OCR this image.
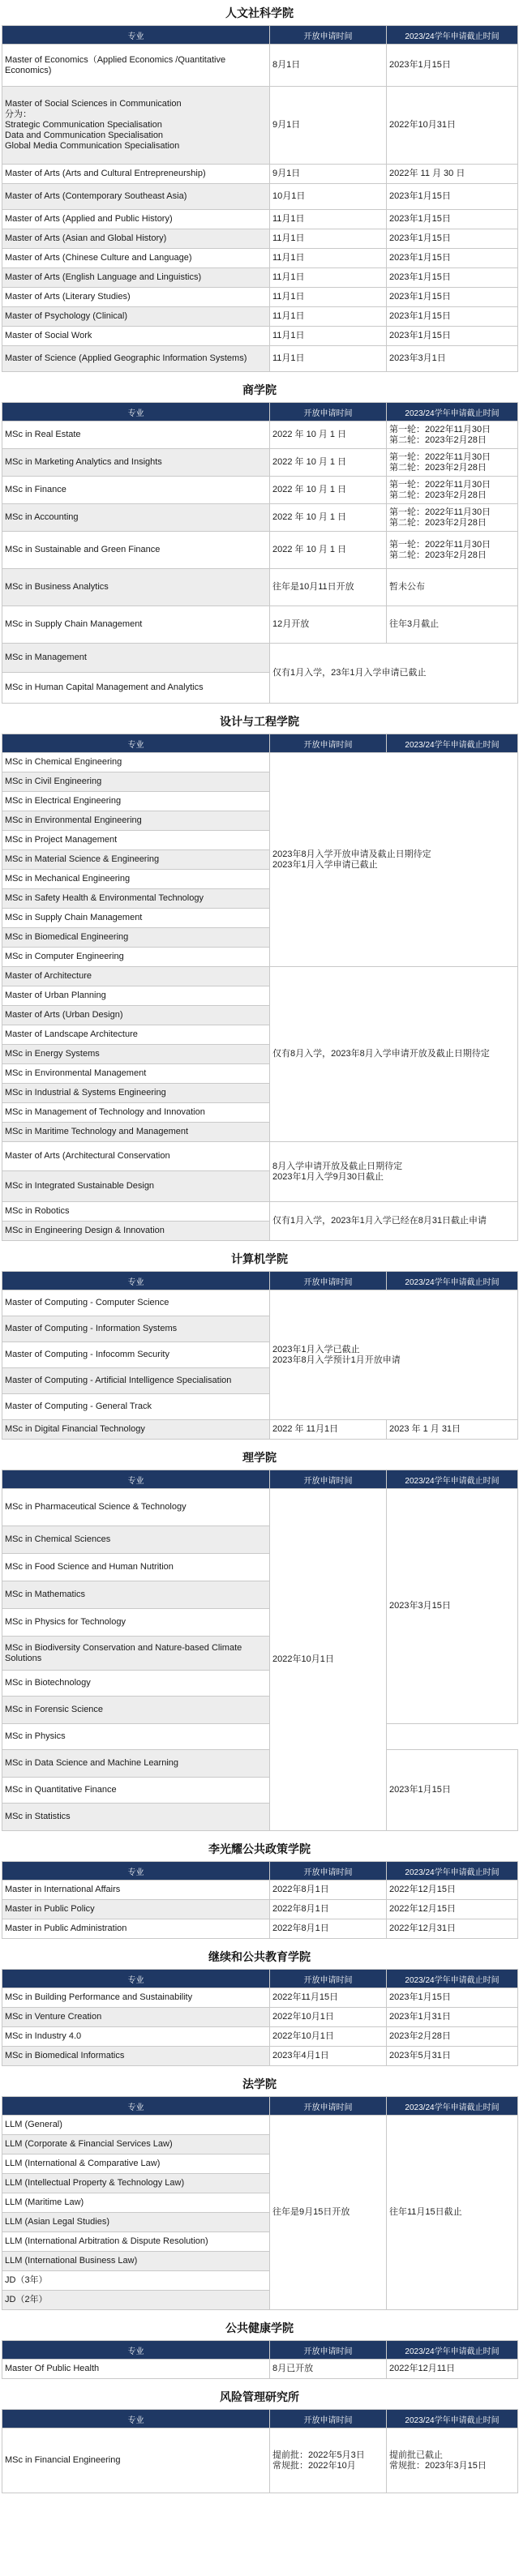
人文社科学院
专业	开放申请时间	2023/24学年申请截止时间
Master of Economics（Applied Economics /Quantitative Economics)	8月1日	2023年1月15日
Master of Social Sciences in Communication
分为：
Strategic Communication Specialisation
Data and Communication Specialisation
Global Media Communication Specialisation	9月1日	2022年10月31日
Master of Arts (Arts and Cultural Entrepreneurship)	9月1日	2022年 11 月 30 日
Master of Arts (Contemporary Southeast Asia)	10月1日	2023年1月15日
Master of Arts (Applied and Public History)	11月1日	2023年1月15日
Master of Arts (Asian and Global History)	11月1日	2023年1月15日
Master of Arts (Chinese Culture and Language)	11月1日	2023年1月15日
Master of Arts (English Language and Linguistics)	11月1日	2023年1月15日
Master of Arts (Literary Studies)	11月1日	2023年1月15日
Master of Psychology (Clinical)	11月1日	2023年1月15日
Master of Social Work	11月1日	2023年1月15日
Master of Science (Applied Geographic Information Systems)	11月1日	2023年3月1日
商学院
专业	开放申请时间	2023/24学年申请截止时间
MSc in Real Estate	2022 年 10 月 1 日	第一轮：2022年11月30日
第二轮：2023年2月28日
MSc in Marketing Analytics and Insights	2022 年 10 月 1 日	第一轮：2022年11月30日
第二轮：2023年2月28日
MSc in Finance	2022 年 10 月 1 日	第一轮：2022年11月30日
第二轮：2023年2月28日
MSc in Accounting	2022 年 10 月 1 日	第一轮：2022年11月30日
第二轮：2023年2月28日
MSc in Sustainable and Green Finance	2022 年 10 月 1 日	第一轮：2022年11月30日
第二轮：2023年2月28日
MSc in Business Analytics	往年是10月11日开放	暂未公布
MSc in Supply Chain Management	12月开放	往年3月截止
MSc in Management	仅有1月入学，23年1月入学申请已截止	
MSc in Human Capital Management and Analytics		
设计与工程学院
专业	开放申请时间	2023/24学年申请截止时间
MSc in Chemical Engineering	2023年8月入学开放申请及截止日期待定
2023年1月入学申请已截止	
MSc in Civil Engineering		
MSc in Electrical Engineering		
MSc in Environmental Engineering		
MSc in Project Management		
MSc in Material Science & Engineering		
MSc in Mechanical Engineering		
MSc in Safety Health & Environmental Technology		
MSc in Supply Chain Management		
MSc in Biomedical Engineering		
MSc in Computer Engineering		
Master of Architecture	仅有8月入学，2023年8月入学申请开放及截止日期待定	
Master of Urban Planning		
Master of Arts (Urban Design)		
Master of Landscape Architecture		
MSc in Energy Systems		
MSc in Environmental Management		
MSc in Industrial & Systems Engineering		
MSc in Management of Technology and Innovation		
MSc in Maritime Technology and Management		
Master of Arts (Architectural Conservation	8月入学申请开放及截止日期待定
2023年1月入学9月30日截止	
MSc in Integrated Sustainable Design		
MSc in Robotics	仅有1月入学，2023年1月入学已经在8月31日截止申请	
MSc in Engineering Design & Innovation		
计算机学院
专业	开放申请时间	2023/24学年申请截止时间
Master of Computing - Computer Science	2023年1月入学已截止
2023年8月入学预计1月开放申请	
Master of Computing - Information Systems		
Master of Computing - Infocomm Security		
Master of Computing - Artificial Intelligence Specialisation		
Master of Computing - General Track		
MSc in Digital Financial Technology	2022 年 11月1日	2023 年 1 月 31日
理学院
专业	开放申请时间	2023/24学年申请截止时间
MSc in Pharmaceutical Science & Technology	2022年10月1日	2023年3月15日
MSc in Chemical Sciences		
MSc in Food Science and Human Nutrition		
MSc in Mathematics		
MSc in Physics for Technology		
MSc in Biodiversity Conservation and Nature-based Climate Solutions		
MSc in Biotechnology		
MSc in Forensic Science		
MSc in Physics		
MSc in Data Science and Machine Learning		2023年1月15日
MSc in Quantitative Finance		
MSc in Statistics		
李光耀公共政策学院
专业	开放申请时间	2023/24学年申请截止时间
Master in International Affairs	2022年8月1日	2022年12月15日
Master in Public Policy	2022年8月1日	2022年12月15日
Master in Public Administration	2022年8月1日	2022年12月31日
继续和公共教育学院
专业	开放申请时间	2023/24学年申请截止时间
MSc in Building Performance and Sustainability	2022年11月15日	2023年1月15日
MSc in Venture Creation	2022年10月1日	2023年1月31日
MSc in Industry 4.0	2022年10月1日	2023年2月28日
MSc in Biomedical Informatics	2023年4月1日	2023年5月31日
法学院
专业	开放申请时间	2023/24学年申请截止时间
LLM (General)	往年是9月15日开放	往年11月15日截止
LLM (Corporate & Financial Services Law)		
LLM (International & Comparative Law)		
LLM (Intellectual Property & Technology Law)		
LLM (Maritime Law)		
LLM (Asian Legal Studies)		
LLM (International Arbitration & Dispute Resolution)		
LLM (International Business Law)		
JD（3年）		
JD（2年）		
公共健康学院
专业	开放申请时间	2023/24学年申请截止时间
Master Of Public Health	8月已开放	2022年12月11日
风险管理研究所
专业	开放申请时间	2023/24学年申请截止时间
MSc in Financial Engineering	提前批：2022年5月3日
常规批：2022年10月	提前批已截止
常规批：2023年3月15日
